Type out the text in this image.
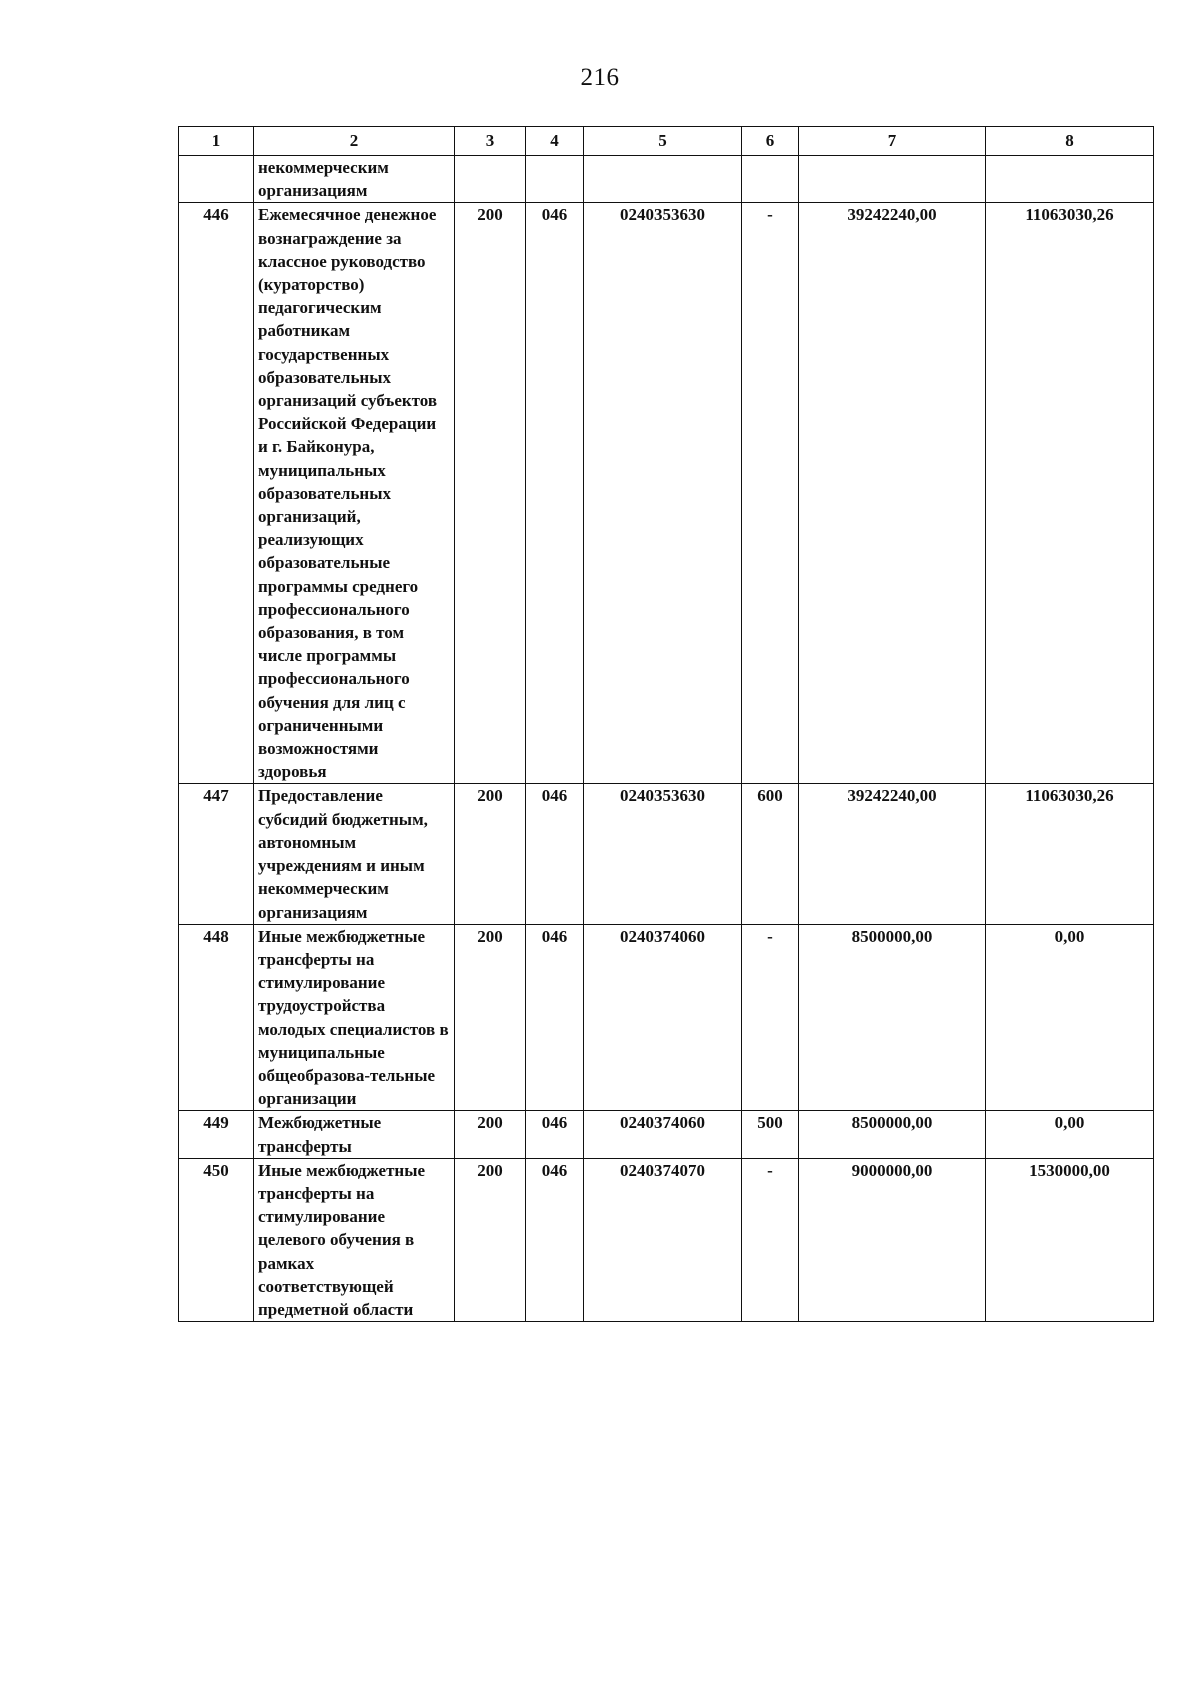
216
1	2	3	4	5	6	7	8
	некоммерческим организациям						
446	Ежемесячное денежное вознаграждение за классное руководство (кураторство) педагогическим работникам государственных образовательных организаций субъектов Российской Федерации и г. Байконура, муниципальных образовательных организаций, реализующих образовательные программы среднего профессионального образования, в том числе программы профессионального обучения для лиц с ограниченными возможностями здоровья	200	046	0240353630	-	39242240,00	11063030,26
447	Предоставление субсидий бюджетным, автономным учреждениям и иным некоммерческим организациям	200	046	0240353630	600	39242240,00	11063030,26
448	Иные межбюджетные трансферты на стимулирование трудоустройства молодых специалистов в муниципальные общеобразова-тельные организации	200	046	0240374060	-	8500000,00	0,00
449	Межбюджетные трансферты	200	046	0240374060	500	8500000,00	0,00
450	Иные межбюджетные трансферты на стимулирование целевого обучения в рамках соответствующей предметной области	200	046	0240374070	-	9000000,00	1530000,00
